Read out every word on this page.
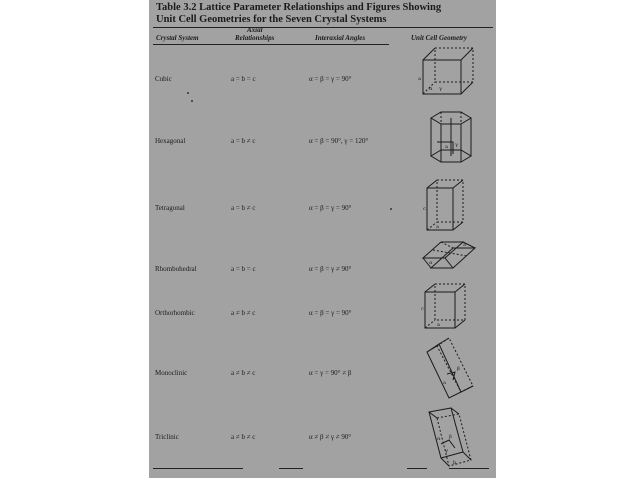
Table 3.2 Lattice Parameter Relationships and Figures Showing
Unit Cell Geometries for the Seven Crystal Systems
Axial
Crystal System	Relationships	Interaxial Angles	Unit Cell Geometry
Cubic	a = b = c	α = β = γ = 90°
Hexagonal	a = b ≠ c	α = β = 90°, γ = 120°
Tetragonal	a = b ≠ c	α = β = γ = 90°
Rhombohedral	a = b = c	α = β = γ ≠ 90°
Orthorhombic	a ≠ b ≠ c	α = β = γ = 90°
Monoclinic	a ≠ b ≠ c	α = γ = 90° ≠ β
Triclinic	a ≠ b ≠ c	α ≠ β ≠ γ ≠ 90°
a
α γ
a γ
c
a
a
α
c
a
β
a
α β
γ
b
